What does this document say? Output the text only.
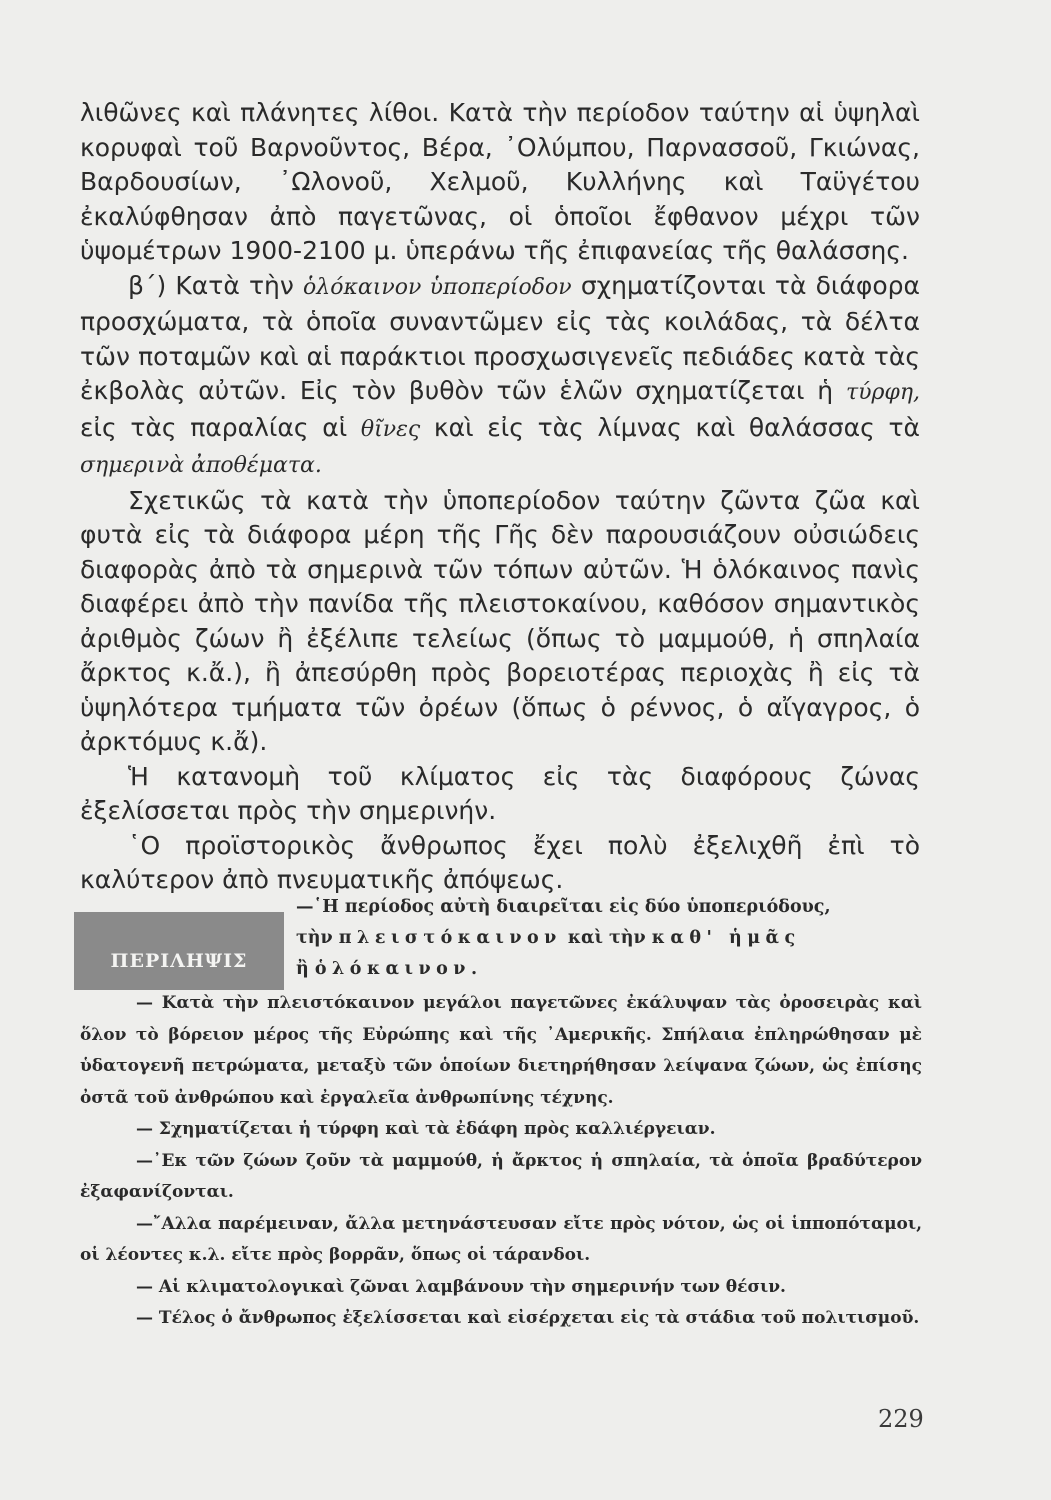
λιθῶνες καὶ πλάνητες λίθοι. Κατὰ τὴν περίοδον ταύτην αἱ ὑψηλαὶ κορυφαὶ τοῦ Βαρνοῦντος, Βέρα, ᾿Ολύμπου, Παρνασσοῦ, Γκιώνας, Βαρδουσίων, ᾿Ωλονοῦ, Χελμοῦ, Κυλλήνης καὶ Ταϋγέτου ἐκαλύφθησαν ἀπὸ παγετῶνας, οἱ ὁποῖοι ἔφθανον μέχρι τῶν ὑψομέτρων 1900-2100 μ. ὑπεράνω τῆς ἐπιφανείας τῆς θαλάσσης.

β΄) Κατὰ τὴν ὁλόκαινον ὑποπερίοδον σχηματίζονται τὰ διάφορα προσχώματα, τὰ ὁποῖα συναντῶμεν εἰς τὰς κοιλάδας, τὰ δέλτα τῶν ποταμῶν καὶ αἱ παράκτιοι προσχωσιγενεῖς πεδιάδες κατὰ τὰς ἐκβολὰς αὐτῶν. Εἰς τὸν βυθὸν τῶν ἑλῶν σχηματίζεται ἡ τύρφη, εἰς τὰς παραλίας αἱ θῖνες καὶ εἰς τὰς λίμνας καὶ θαλάσσας τὰ σημερινὰ ἀποθέματα.

Σχετικῶς τὰ κατὰ τὴν ὑποπερίοδον ταύτην ζῶντα ζῶα καὶ φυτὰ εἰς τὰ διάφορα μέρη τῆς Γῆς δὲν παρουσιάζουν οὐσιώδεις διαφορὰς ἀπὸ τὰ σημερινὰ τῶν τόπων αὐτῶν. Ἡ ὁλόκαινος πανὶς διαφέρει ἀπὸ τὴν πανίδα τῆς πλειστοκαίνου, καθόσον σημαντικὸς ἀριθμὸς ζώων ἢ ἐξέλιπε τελείως (ὅπως τὸ μαμμούθ, ἡ σπηλαία ἄρκτος κ.ἄ.), ἢ ἀπεσύρθη πρὸς βορειοτέρας περιοχὰς ἢ εἰς τὰ ὑψηλότερα τμήματα τῶν ὀρέων (ὅπως ὁ ρέννος, ὁ αἴγαγρος, ὁ ἀρκτόμυς κ.ἄ).

Ἡ κατανομὴ τοῦ κλίματος εἰς τὰς διαφόρους ζώνας ἐξελίσσεται πρὸς τὴν σημερινήν.

῾Ο προϊστορικὸς ἄνθρωπος ἔχει πολὺ ἐξελιχθῆ ἐπὶ τὸ καλύτερον ἀπὸ πνευματικῆς ἀπόψεως.

ΠΕΡΙΛΗΨΙΣ

—῾Η περίοδος αὐτὴ διαιρεῖται εἰς δύο ὑποπεριόδους,

τὴν πλειστόκαινον καὶ τὴν καθ' ἡμᾶς

ἢ ὁλόκαινον.

— Κατὰ τὴν πλειστόκαινον μεγάλοι παγετῶνες ἐκάλυψαν τὰς ὀροσειρὰς καὶ ὅλον τὸ βόρειον μέρος τῆς Εὐρώπης καὶ τῆς ᾿Αμερικῆς. Σπήλαια ἐπληρώθησαν μὲ ὑδατογενῆ πετρώματα, μεταξὺ τῶν ὁποίων διετηρήθησαν λείψανα ζώων, ὡς ἐπίσης ὀστᾶ τοῦ ἀνθρώπου καὶ ἐργαλεῖα ἀνθρωπίνης τέχνης.

— Σχηματίζεται ἡ τύρφη καὶ τὰ ἐδάφη πρὸς καλλιέργειαν.

—᾿Εκ τῶν ζώων ζοῦν τὰ μαμμούθ, ἡ ἄρκτος ἡ σπηλαία, τὰ ὁποῖα βραδύτερον ἐξαφανίζονται.

—῎Αλλα παρέμειναν, ἄλλα μετηνάστευσαν εἴτε πρὸς νότον, ὡς οἱ ἱπποπόταμοι, οἱ λέοντες κ.λ. εἴτε πρὸς βορρᾶν, ὅπως οἱ τάρανδοι.

— Αἱ κλιματολογικαὶ ζῶναι λαμβάνουν τὴν σημερινήν των θέσιν.

— Τέλος ὁ ἄνθρωπος ἐξελίσσεται καὶ εἰσέρχεται εἰς τὰ στάδια τοῦ πολιτισμοῦ.

229
